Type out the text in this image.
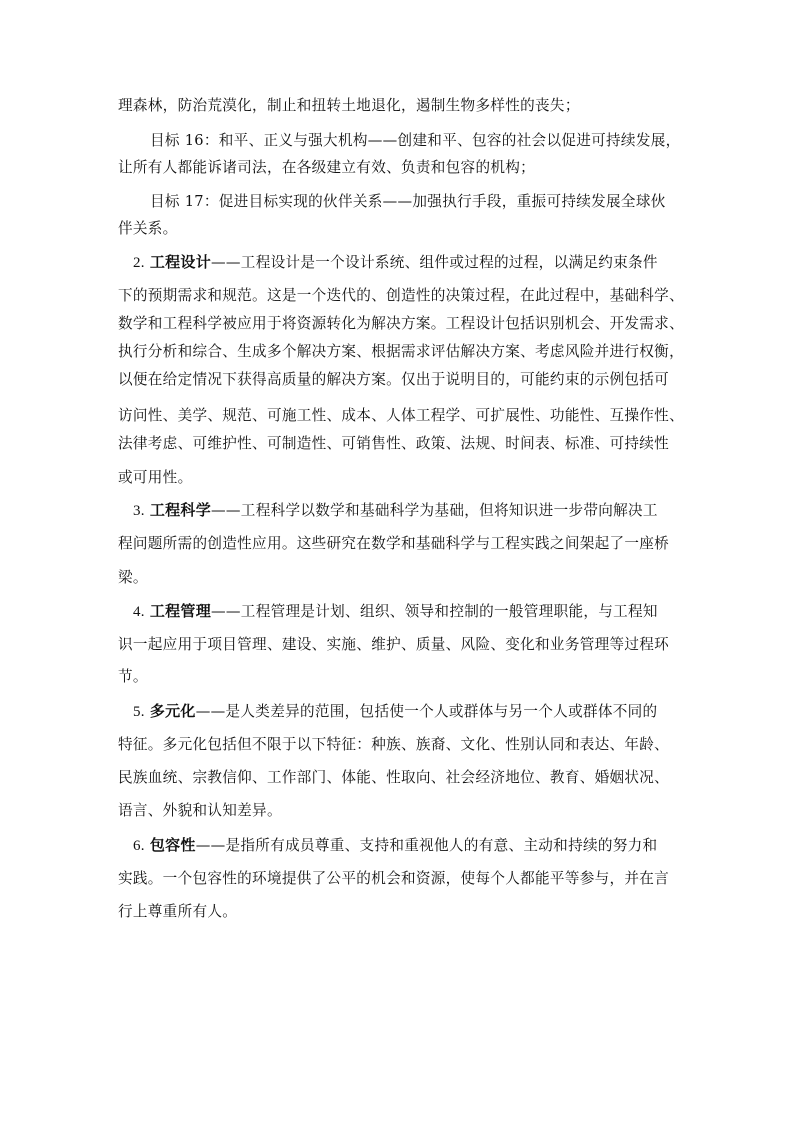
理森林，防治荒漠化，制止和扭转土地退化，遏制生物多样性的丧失；
目标 16：和平、正义与强大机构——创建和平、包容的社会以促进可持续发展，
让所有人都能诉诸司法，在各级建立有效、负责和包容的机构；
目标 17：促进目标实现的伙伴关系——加强执行手段，重振可持续发展全球伙
伴关系。
2. 工程设计——工程设计是一个设计系统、组件或过程的过程，以满足约束条件
下的预期需求和规范。这是一个迭代的、创造性的决策过程，在此过程中，基础科学、
数学和工程科学被应用于将资源转化为解决方案。工程设计包括识别机会、开发需求、
执行分析和综合、生成多个解决方案、根据需求评估解决方案、考虑风险并进行权衡，
以便在给定情况下获得高质量的解决方案。仅出于说明目的，可能约束的示例包括可
访问性、美学、规范、可施工性、成本、人体工程学、可扩展性、功能性、互操作性、
法律考虑、可维护性、可制造性、可销售性、政策、法规、时间表、标准、可持续性
或可用性。
3. 工程科学——工程科学以数学和基础科学为基础，但将知识进一步带向解决工
程问题所需的创造性应用。这些研究在数学和基础科学与工程实践之间架起了一座桥
梁。
4. 工程管理——工程管理是计划、组织、领导和控制的一般管理职能，与工程知
识一起应用于项目管理、建设、实施、维护、质量、风险、变化和业务管理等过程环
节。
5. 多元化——是人类差异的范围，包括使一个人或群体与另一个人或群体不同的
特征。多元化包括但不限于以下特征：种族、族裔、文化、性别认同和表达、年龄、
民族血统、宗教信仰、工作部门、体能、性取向、社会经济地位、教育、婚姻状况、
语言、外貌和认知差异。
6. 包容性——是指所有成员尊重、支持和重视他人的有意、主动和持续的努力和
实践。一个包容性的环境提供了公平的机会和资源，使每个人都能平等参与，并在言
行上尊重所有人。
